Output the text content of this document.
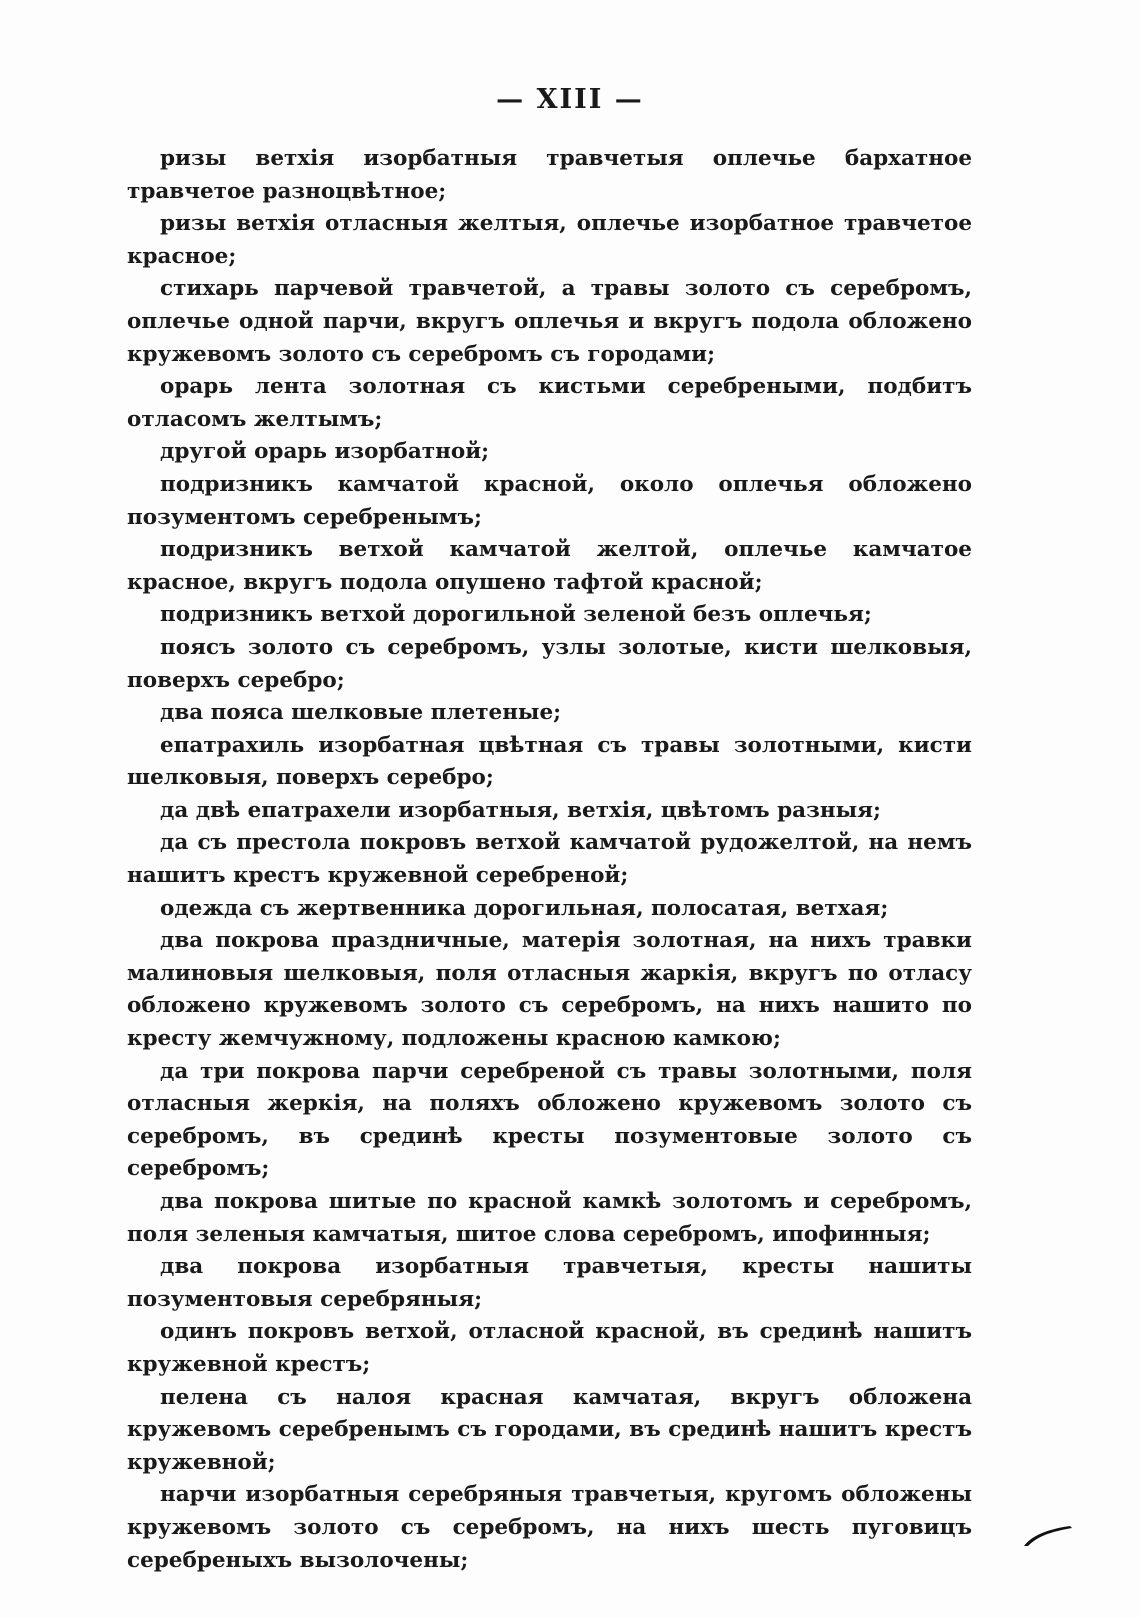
— XIII —

ризы ветхія изорбатныя травчетыя оплечье бархатное травчетое разноцвѣтное;

ризы ветхія отласныя желтыя, оплечье изорбатное травчетое красное;

стихарь парчевой травчетой, а травы золото съ серебромъ, оплечье одной парчи, вкругъ оплечья и вкругъ подола обложено кружевомъ золото съ серебромъ съ городами;

орарь лента золотная съ кистьми серебреными, подбитъ отласомъ желтымъ;

другой орарь изорбатной;

подризникъ камчатой красной, около оплечья обложено позументомъ серебренымъ;

подризникъ ветхой камчатой желтой, оплечье камчатое красное, вкругъ подола опушено тафтой красной;

подризникъ ветхой дорогильной зеленой безъ оплечья;

поясъ золото съ серебромъ, узлы золотые, кисти шелковыя, поверхъ серебро;

два пояса шелковые плетеные;

епатрахиль изорбатная цвѣтная съ травы золотными, кисти шелковыя, поверхъ серебро;

да двѣ епатрахели изорбатныя, ветхія, цвѣтомъ разныя;

да съ престола покровъ ветхой камчатой рудожелтой, на немъ нашитъ крестъ кружевной серебреной;

одежда съ жертвенника дорогильная, полосатая, ветхая;

два покрова праздничные, матерія золотная, на нихъ травки малиновыя шелковыя, поля отласныя жаркія, вкругъ по отласу обложено кружевомъ золото съ серебромъ, на нихъ нашито по кресту жемчужному, подложены красною камкою;

да три покрова парчи серебреной съ травы золотными, поля отласныя жеркія, на поляхъ обложено кружевомъ золото съ серебромъ, въ срединѣ кресты позументовые золото съ серебромъ;

два покрова шитые по красной камкѣ золотомъ и серебромъ, поля зеленыя камчатыя, шитое слова серебромъ, ипофинныя;

два покрова изорбатныя травчетыя, кресты нашиты позументовыя серебряныя;

одинъ покровъ ветхой, отласной красной, въ срединѣ нашитъ кружевной крестъ;

пелена съ налоя красная камчатая, вкругъ обложена кружевомъ серебренымъ съ городами, въ срединѣ нашитъ крестъ кружевной;

нарчи изорбатныя серебряныя травчетыя, кругомъ обложены кружевомъ золото съ серебромъ, на нихъ шесть пуговицъ серебреныхъ вызолочены;
